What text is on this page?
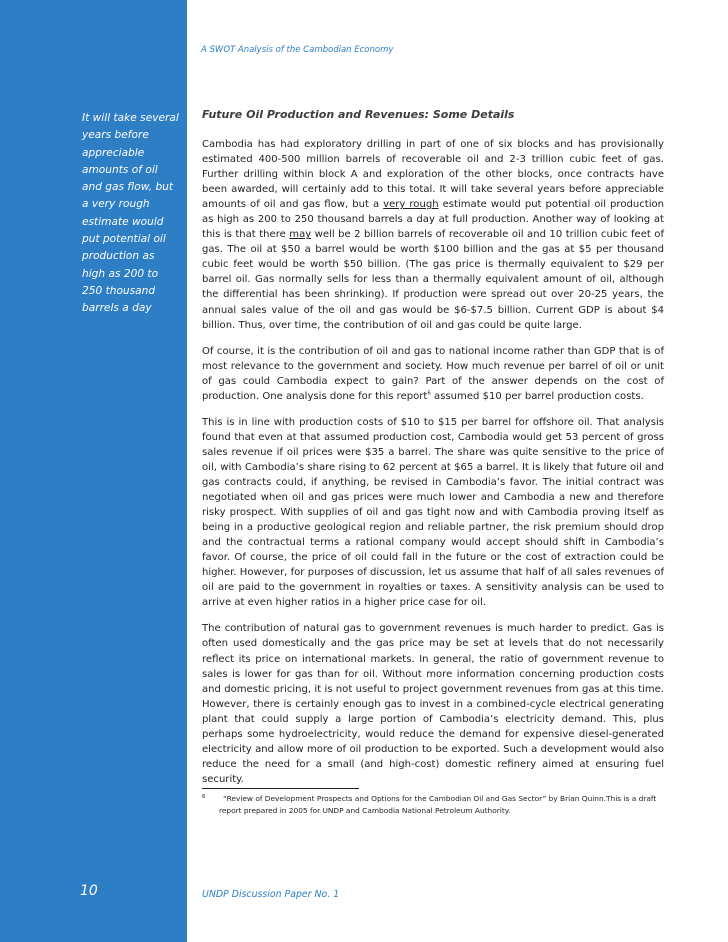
A SWOT Analysis of the Cambodian Economy
It will take several years before appreciable amounts of oil and gas flow, but a very rough estimate would put potential oil production as high as 200 to 250 thousand barrels a day
Future Oil Production and Revenues: Some Details

Cambodia has had exploratory drilling in part of one of six blocks and has provisionally estimated 400-500 million barrels of recoverable oil and 2-3 trillion cubic feet of gas. Further drilling within block A and exploration of the other blocks, once contracts have been awarded, will certainly add to this total. It will take several years before appreciable amounts of oil and gas flow, but a very rough estimate would put potential oil production as high as 200 to 250 thousand barrels a day at full production. Another way of looking at this is that there may well be 2 billion barrels of recoverable oil and 10 trillion cubic feet of gas. The oil at $50 a barrel would be worth $100 billion and the gas at $5 per thousand cubic feet would be worth $50 billion. (The gas price is thermally equivalent to $29 per barrel oil. Gas normally sells for less than a thermally equivalent amount of oil, although the differential has been shrinking). If production were spread out over 20-25 years, the annual sales value of the oil and gas would be $6-$7.5 billion. Current GDP is about $4 billion. Thus, over time, the contribution of oil and gas could be quite large.

Of course, it is the contribution of oil and gas to national income rather than GDP that is of most relevance to the government and society. How much revenue per barrel of oil or unit of gas could Cambodia expect to gain? Part of the answer depends on the cost of production. One analysis done for this report$^6$ assumed $10 per barrel production costs.

This is in line with production costs of $10 to $15 per barrel for offshore oil. That analysis found that even at that assumed production cost, Cambodia would get 53 percent of gross sales revenue if oil prices were $35 a barrel. The share was quite sensitive to the price of oil, with Cambodia’s share rising to 62 percent at $65 a barrel. It is likely that future oil and gas contracts could, if anything, be revised in Cambodia’s favor. The initial contract was negotiated when oil and gas prices were much lower and Cambodia a new and therefore risky prospect. With supplies of oil and gas tight now and with Cambodia proving itself as being in a productive geological region and reliable partner, the risk premium should drop and the contractual terms a rational company would accept should shift in Cambodia’s favor. Of course, the price of oil could fall in the future or the cost of extraction could be higher. However, for purposes of discussion, let us assume that half of all sales revenues of oil are paid to the government in royalties or taxes. A sensitivity analysis can be used to arrive at even higher ratios in a higher price case for oil.

The contribution of natural gas to government revenues is much harder to predict. Gas is often used domestically and the gas price may be set at levels that do not necessarily reflect its price on international markets. In general, the ratio of government revenue to sales is lower for gas than for oil. Without more information concerning production costs and domestic pricing, it is not useful to project government revenues from gas at this time. However, there is certainly enough gas to invest in a combined-cycle electrical generating plant that could supply a large portion of Cambodia’s electricity demand. This, plus perhaps some hydroelectricity, would reduce the demand for expensive diesel-generated electricity and allow more of oil production to be exported. Such a development would also reduce the need for a small (and high-cost) domestic refinery aimed at ensuring fuel security.

6	“Review of Development Prospects and Options for the Cambodian Oil and Gas Sector” by Brian Quinn.This is a draft report prepared in 2005 for UNDP and Cambodia National Petroleum Authority.
10	UNDP Discussion Paper No. 1
